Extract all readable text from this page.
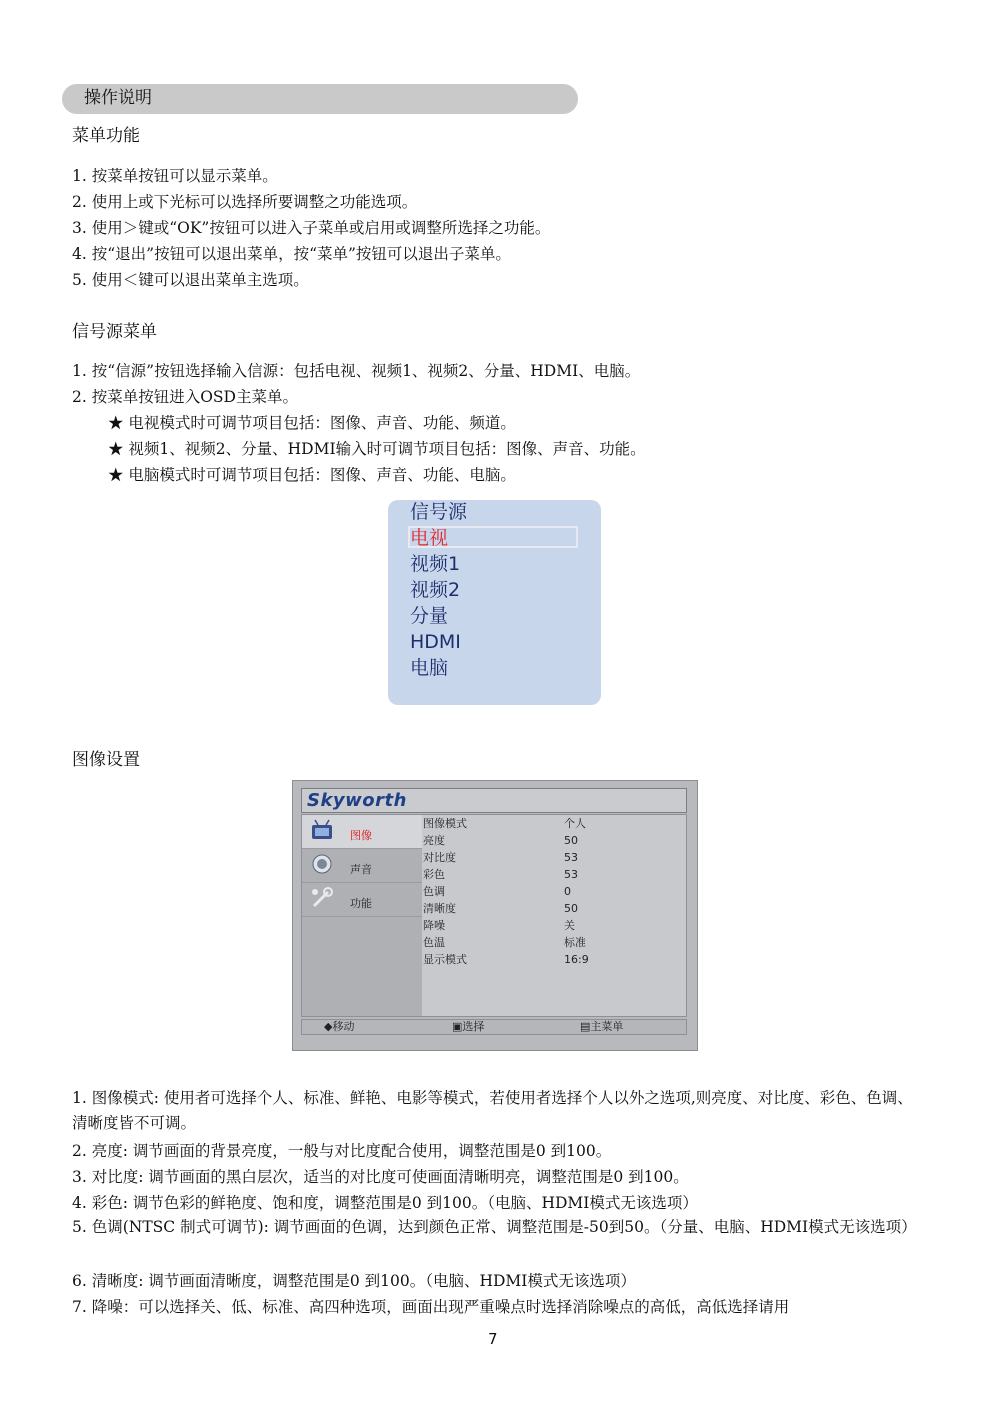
操作说明
菜单功能
1. 按菜单按钮可以显示菜单。
2. 使用上或下光标可以选择所要调整之功能选项。
3. 使用＞键或“OK”按钮可以进入子菜单或启用或调整所选择之功能。
4. 按“退出”按钮可以退出菜单，按“菜单”按钮可以退出子菜单。
5. 使用＜键可以退出菜单主选项。
信号源菜单
1. 按“信源”按钮选择输入信源：包括电视、视频1、视频2、分量、HDMI、电脑。
2. 按菜单按钮进入OSD主菜单。
★ 电视模式时可调节项目包括：图像、声音、功能、频道。
★ 视频1、视频2、分量、HDMI输入时可调节项目包括：图像、声音、功能。
★ 电脑模式时可调节项目包括：图像、声音、功能、电脑。
信号源
电视
视频1
视频2
分量
HDMI
电脑
图像设置
Skyworth
图像
声音
功能
图像模式	个人
亮度	50
对比度	53
彩色	53
色调	0
清晰度	50
降噪	关
色温	标准
显示模式	16:9
◆移动	▣选择	▤主菜单
1. 图像模式: 使用者可选择个人、标准、鲜艳、电影等模式，若使用者选择个人以外之选项,则亮度、对比度、彩色、色调、清晰度皆不可调。
2. 亮度: 调节画面的背景亮度，一般与对比度配合使用，调整范围是0 到100。
3. 对比度: 调节画面的黑白层次，适当的对比度可使画面清晰明亮，调整范围是0 到100。
4. 彩色: 调节色彩的鲜艳度、饱和度，调整范围是0 到100。（电脑、HDMI模式无该选项）
5. 色调(NTSC 制式可调节): 调节画面的色调，达到颜色正常、调整范围是-50到50。（分量、电脑、HDMI模式无该选项）
6. 清晰度: 调节画面清晰度，调整范围是0 到100。（电脑、HDMI模式无该选项）
7. 降噪：可以选择关、低、标准、高四种选项，画面出现严重噪点时选择消除噪点的高低，高低选择请用
7
